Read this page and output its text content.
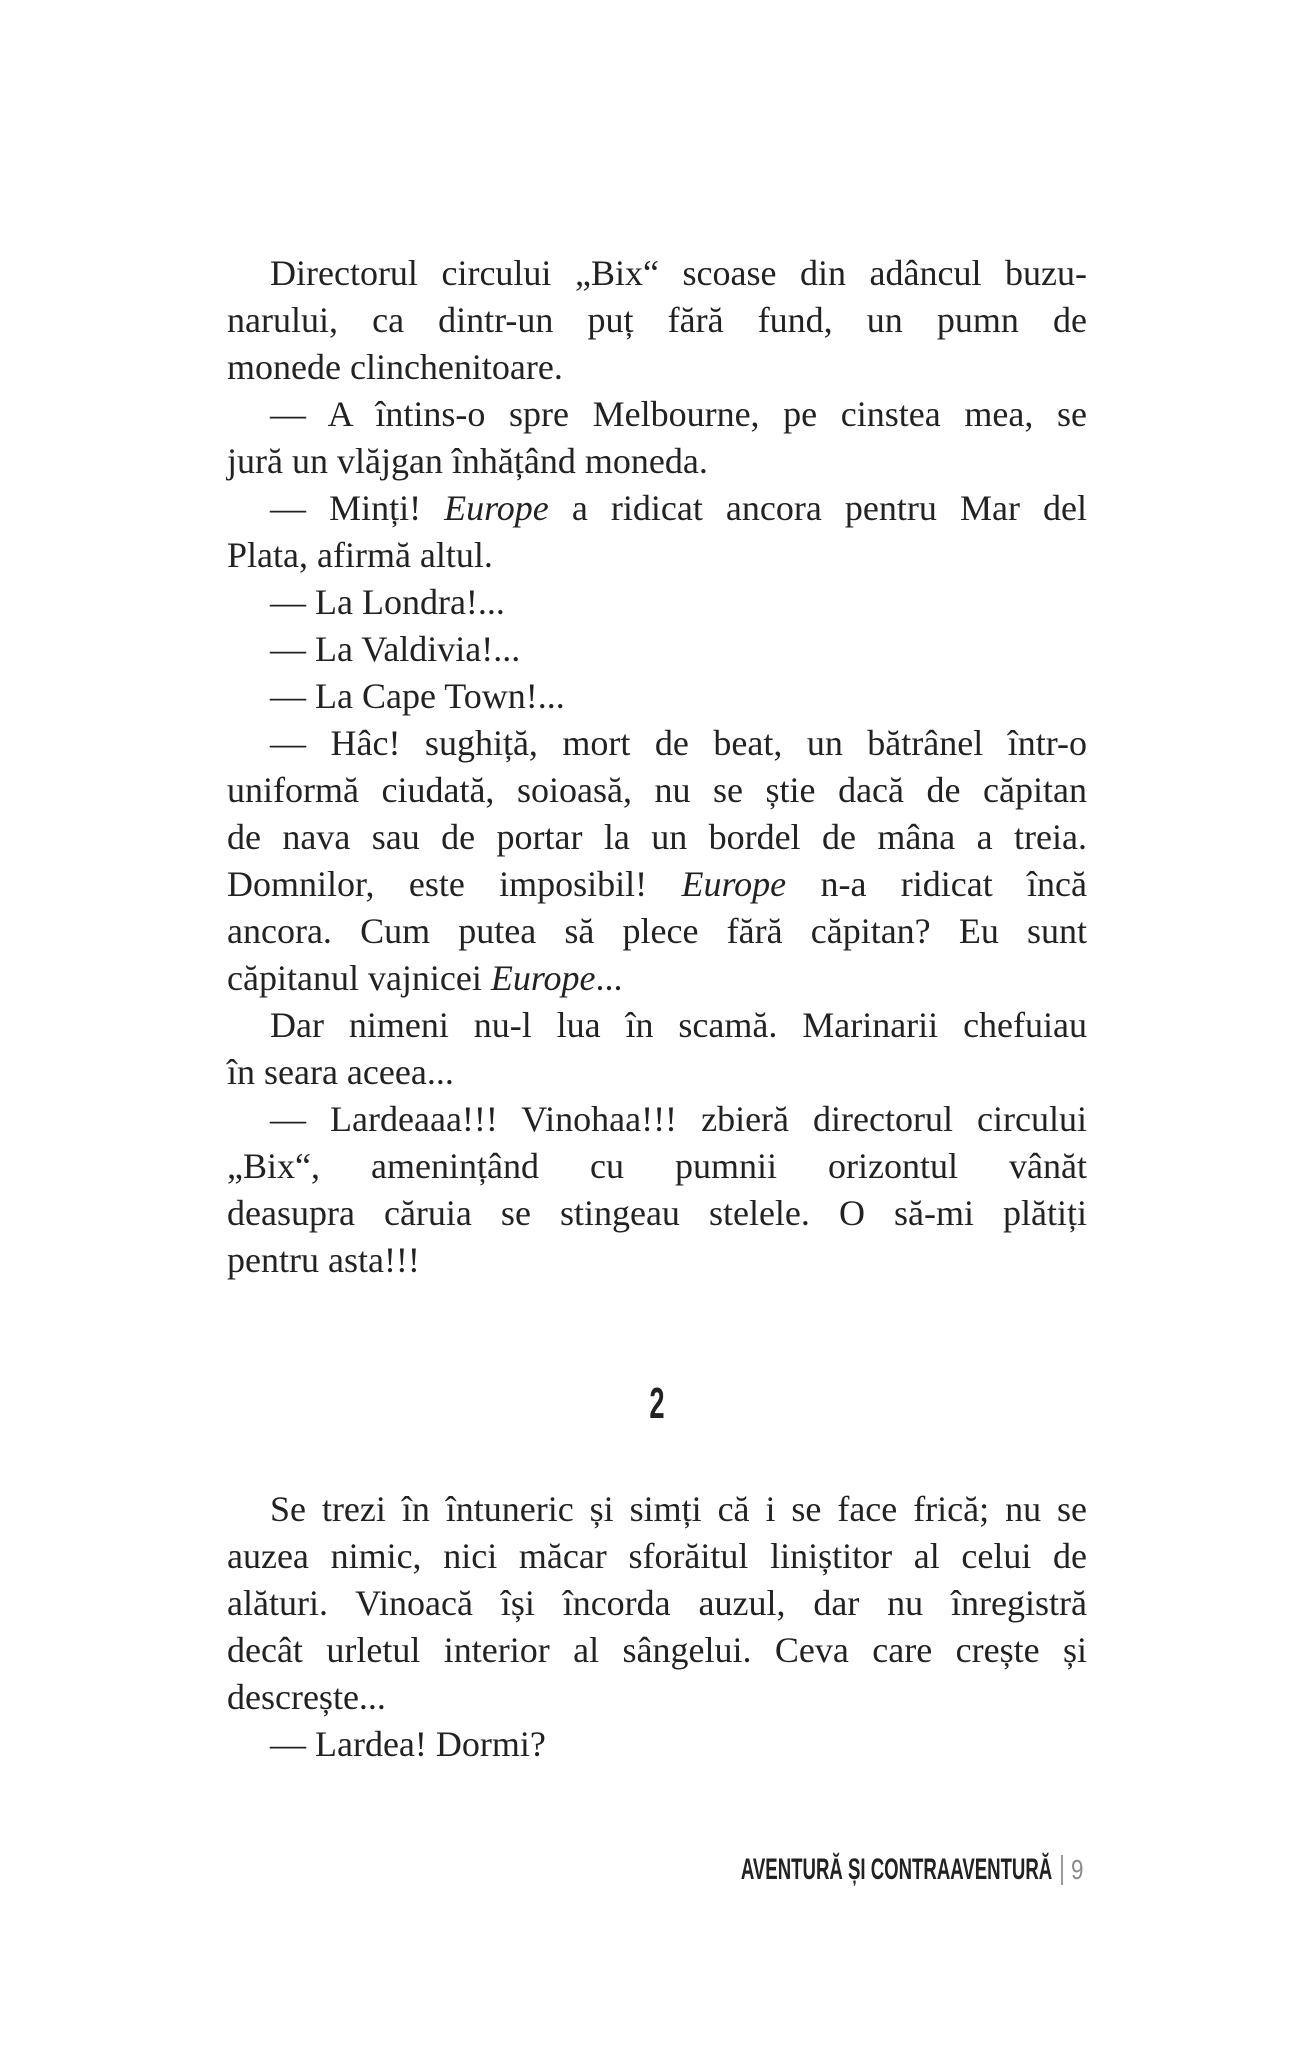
Directorul circului „Bix“ scoase din adâncul buzu-
narului, ca dintr-un puț fără fund, un pumn de
monede clinchenitoare.
— A întins-o spre Melbourne, pe cinstea mea, se
jură un vlăjgan înhățând moneda.
— Minți! Europe a ridicat ancora pentru Mar del
Plata, afirmă altul.
— La Londra!...
— La Valdivia!...
— La Cape Town!...
— Hâc! sughiță, mort de beat, un bătrânel într-o
uniformă ciudată, soioasă, nu se știe dacă de căpitan
de nava sau de portar la un bordel de mâna a treia.
Domnilor, este imposibil! Europe n-a ridicat încă
ancora. Cum putea să plece fără căpitan? Eu sunt
căpitanul vajnicei Europe...
Dar nimeni nu-l lua în scamă. Marinarii chefuiau
în seara aceea...
— Lardeaaa!!! Vinohaa!!! zbieră directorul circului
„Bix“, amenințând cu pumnii orizontul vânăt
deasupra căruia se stingeau stelele. O să-mi plătiți
pentru asta!!!
2
Se trezi în întuneric și simți că i se face frică; nu se
auzea nimic, nici măcar sforăitul liniștitor al celui de
alături. Vinoacă își încorda auzul, dar nu înregistră
decât urletul interior al sângelui. Ceva care crește și
descrește...
— Lardea! Dormi?
AVENTURĂ ȘI CONTRAAVENTURĂ 9
